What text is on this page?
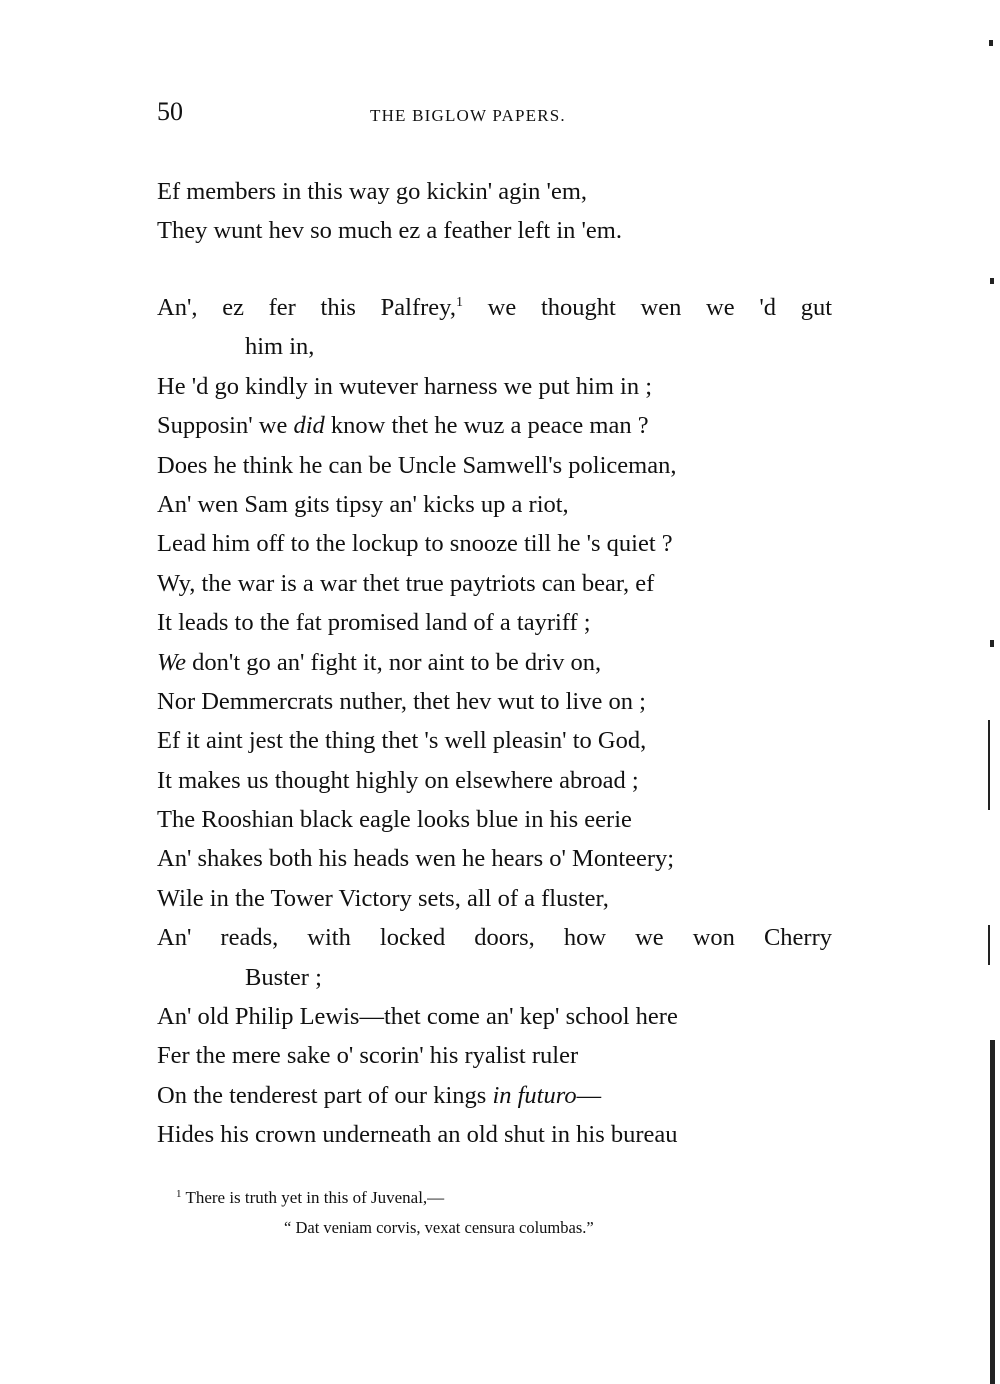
50	THE BIGLOW PAPERS.
Ef members in this way go kickin' agin 'em,
They wunt hev so much ez a feather left in 'em.
An', ez fer this Palfrey,$^1$ we thought wen we 'd gut
him in,
He 'd go kindly in wutever harness we put him in ;
Supposin' we did know thet he wuz a peace man ?
Does he think he can be Uncle Samwell's policeman,
An' wen Sam gits tipsy an' kicks up a riot,
Lead him off to the lockup to snooze till he 's quiet ?
Wy, the war is a war thet true paytriots can bear, ef
It leads to the fat promised land of a tayriff ;
We don't go an' fight it, nor aint to be driv on,
Nor Demmercrats nuther, thet hev wut to live on ;
Ef it aint jest the thing thet 's well pleasin' to God,
It makes us thought highly on elsewhere abroad ;
The Rooshian black eagle looks blue in his eerie
An' shakes both his heads wen he hears o' Monteery;
Wile in the Tower Victory sets, all of a fluster,
An' reads, with locked doors, how we won Cherry
Buster ;
An' old Philip Lewis—thet come an' kep' school here
Fer the mere sake o' scorin' his ryalist ruler
On the tenderest part of our kings in futuro—
Hides his crown underneath an old shut in his bureau
$^1$ There is truth yet in this of Juvenal,—
“ Dat veniam corvis, vexat censura columbas.”
